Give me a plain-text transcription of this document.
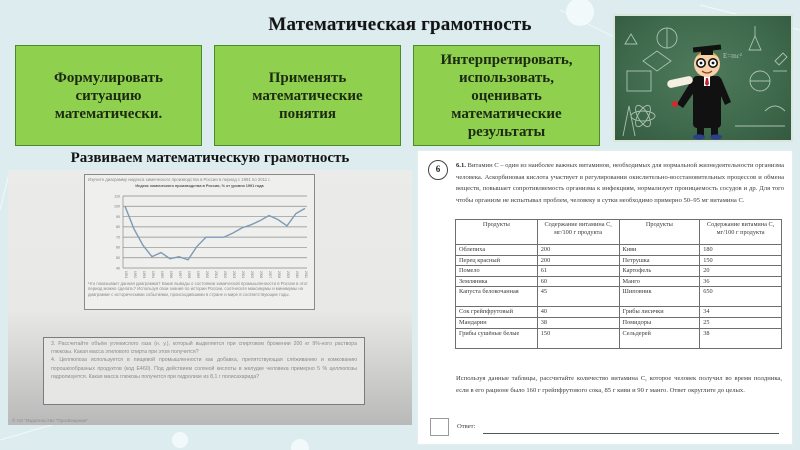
Математическая грамотность
Формулировать
ситуацию
математически.
Применять
математические
понятия
Интерпретировать,
использовать, оценивать
математические
результаты
E=mc²
Развиваем математическую грамотность
Изучите диаграмму индекса химического производства в России в период с 1991 по 2011 г.
Индекс химического производства в России, % от уровня 1991 года
40
50
60
70
80
90
100
110
1991 1992 1993 1994 1995 1996 1997 1998 1999 2000 2001 2002 2003 2004 2005 2006 2007 2008 2009 2010 2011
Что показывает данная диаграмма? Какие выводы о состоянии химической промышленности в России в этот период можно сделать? Используя свои знания по истории России, соотнесите максимумы и минимумы на диаграмме с историческими событиями, происходившими в стране и мире в соответствующие годы.
3. Рассчитайте объём углекислого газа (н. у.), который выделяется при спиртовом брожении 200 кг 9%-ного раствора глюкозы. Какая масса этилового спирта при этом получится?
4. Целлюлоза используется в пищевой промышленности как добавка, препятствующая слёживанию и комкованию порошкообразных продуктов (код Е460). Под действием соляной кислоты в желудке человека примерно 5 % целлюлозы гидролизуется. Какая масса глюкозы получится при гидролизе из 8,1 г полисахарида?
© АО "Издательство "Просвещение"
6	6.1. Витамин С – один из наиболее важных витаминов, необходимых для нормальной жизнедеятельности организма человека. Аскорбиновая кислота участвует в регулировании окислительно-восстановительных процессов и обмена веществ, повышает сопротивляемость организма к инфекциям, нормализует проницаемость сосудов и др. Для того чтобы организм не испытывал проблем, человеку в сутки необходимо примерно 50–95 мг витамина С.
Продукты	Содержание витамина С, мг/100 г продукта	Продукты	Содержание витамина С, мг/100 г продукта
Облепиха	200	Киви	180
Перец красный	200	Петрушка	150
Помело	61	Картофель	20
Земляника	60	Манго	36
Капуста белокочанная	45	Шиповник	650
Сок грейпфрутовый	40	Грибы лисички	34
Мандарин	38	Помидоры	25
Грибы сушёные белые	150	Сельдерей	38
Используя данные таблицы, рассчитайте количество витамина С, которое человек получил во время полдника, если в его рационе было 160 г грейпфрутового сока, 85 г киви и 90 г манго. Ответ округлите до целых.
Ответ:
